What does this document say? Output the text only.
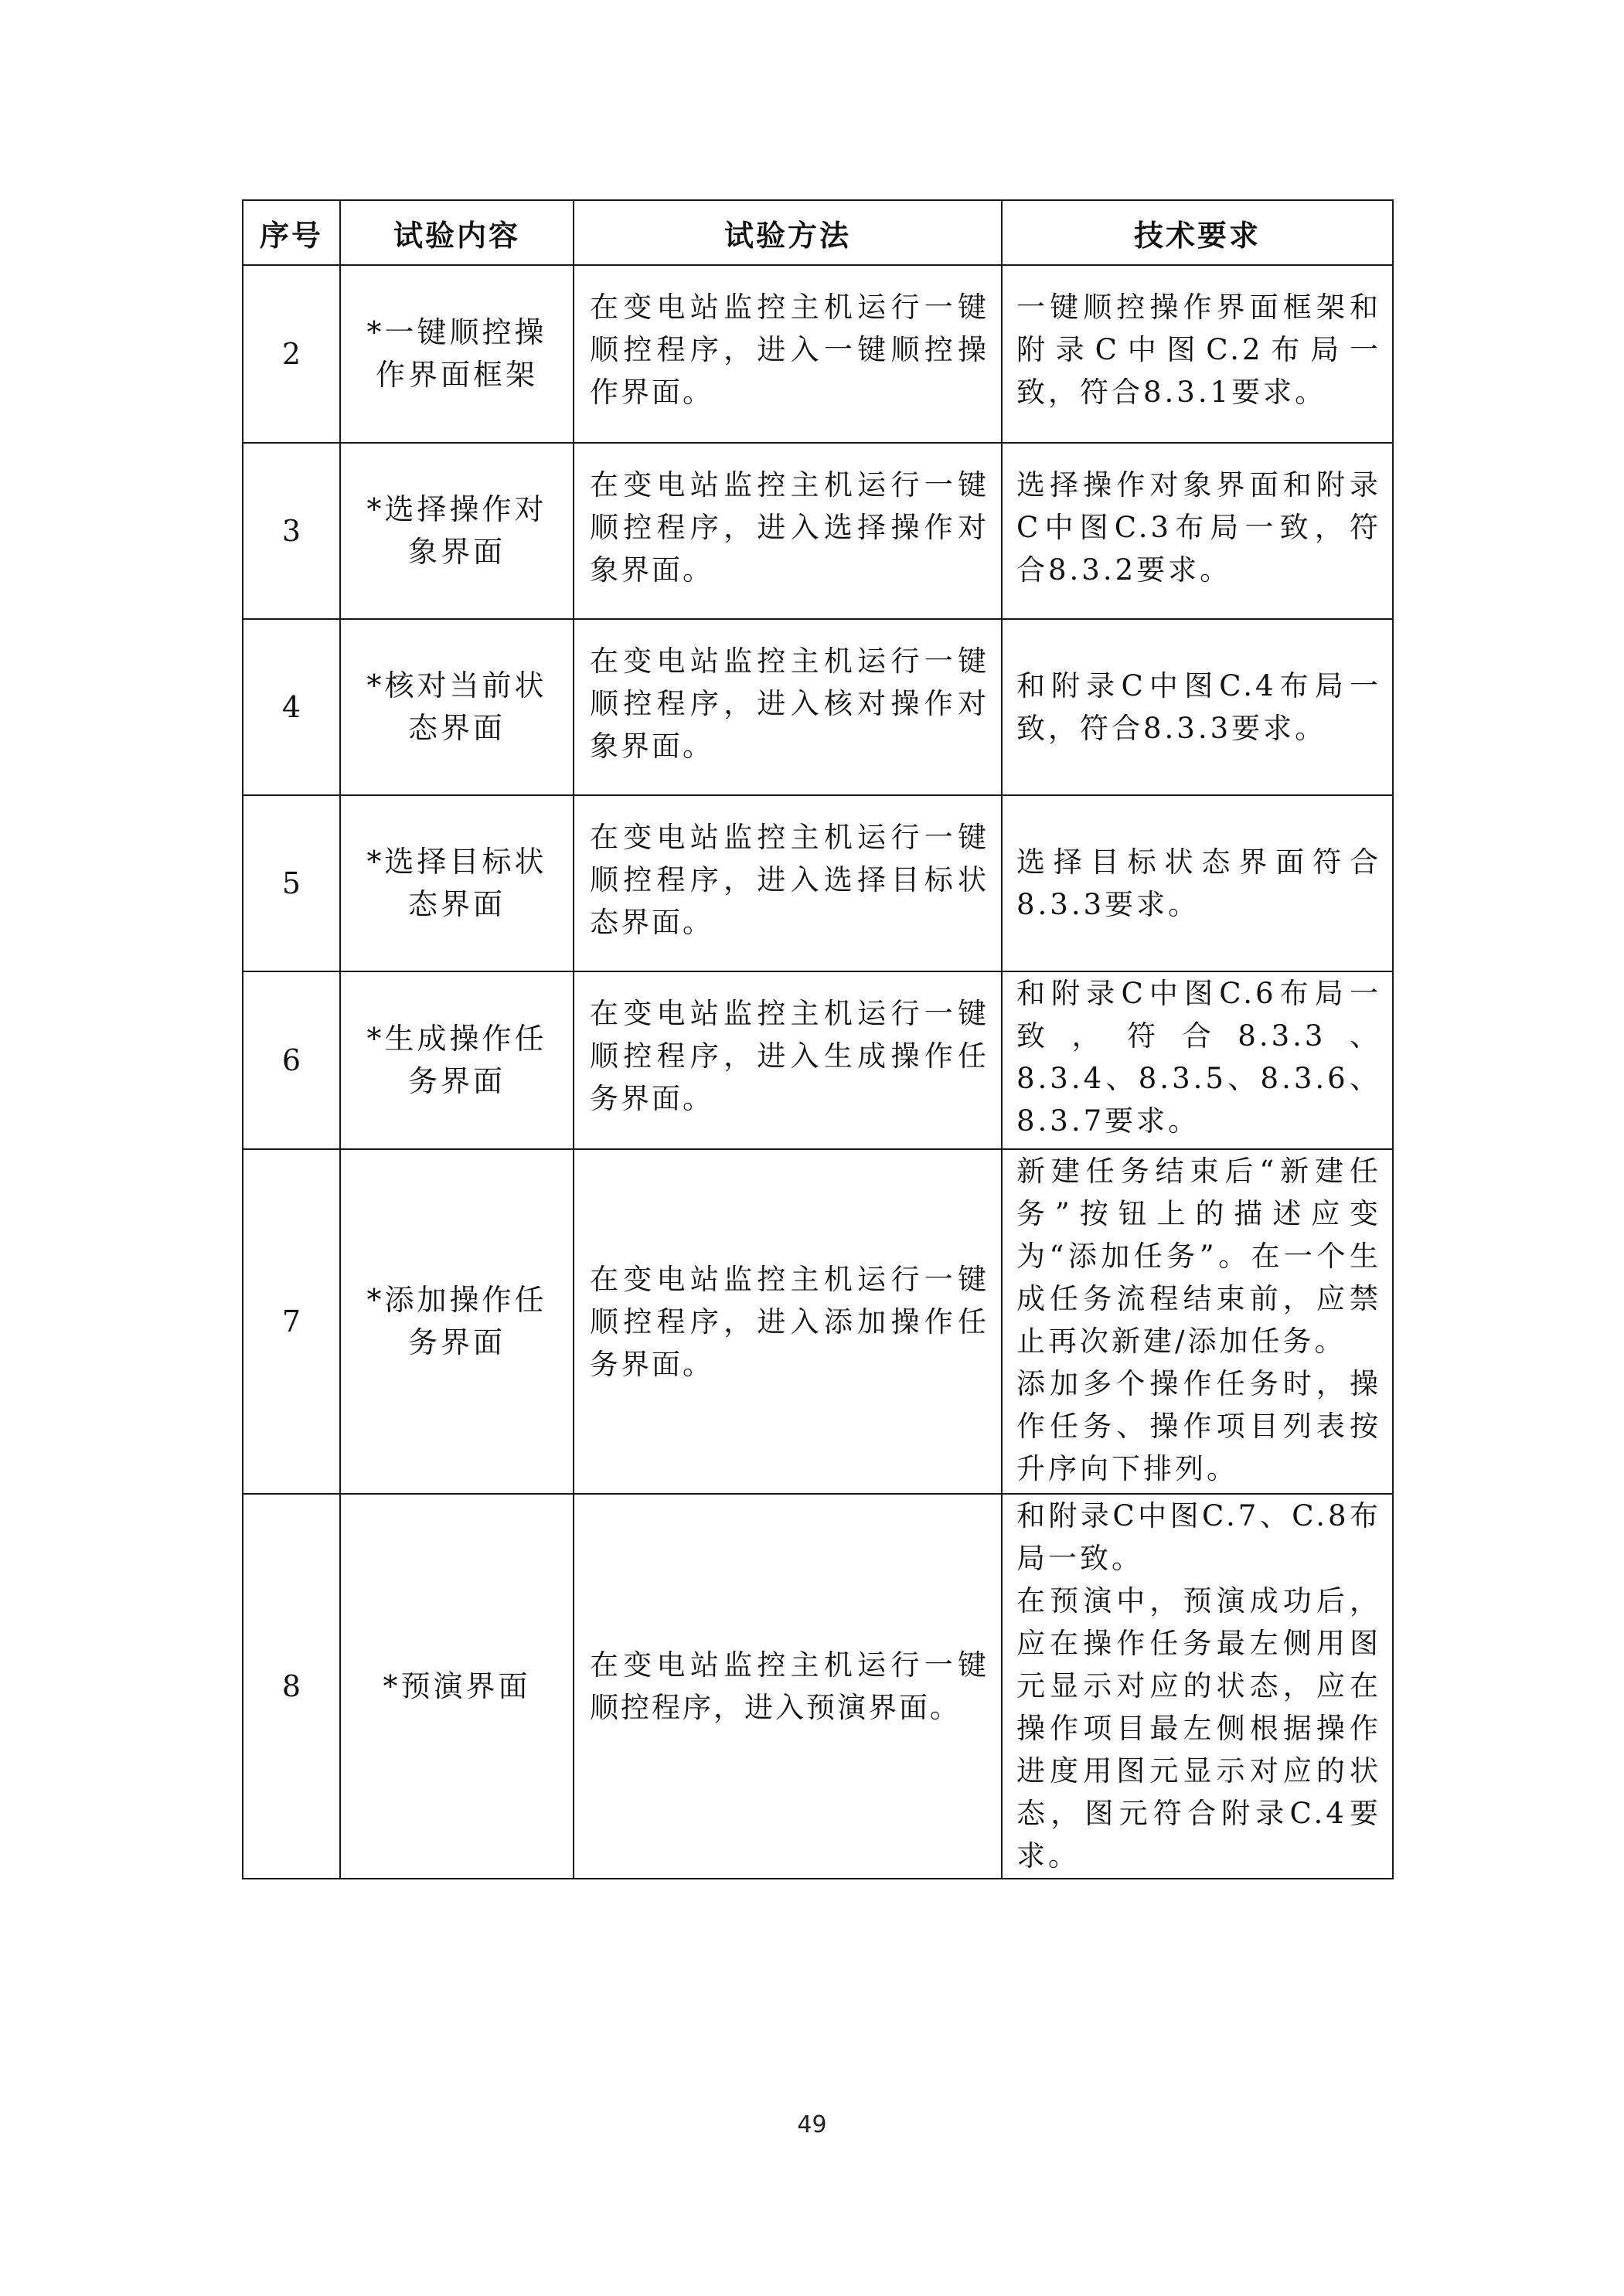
序号	试验内容	试验方法	技术要求
2	*一键顺控操作界面框架	在变电站监控主机运行一键顺控程序，进入一键顺控操作界面。	一键顺控操作界面框架和附录C中图C.2布局一致，符合8.3.1要求。

3	*选择操作对象界面	在变电站监控主机运行一键顺控程序，进入选择操作对象界面。	选择操作对象界面和附录C中图C.3布局一致，符合8.3.2要求。

4	*核对当前状态界面	在变电站监控主机运行一键顺控程序，进入核对操作对象界面。	和附录C中图C.4布局一致，符合8.3.3要求。

5	*选择目标状态界面	在变电站监控主机运行一键顺控程序，进入选择目标状态界面。	选择目标状态界面符合8.3.3要求。

6	*生成操作任务界面	在变电站监控主机运行一键顺控程序，进入生成操作任务界面。	和附录C中图C.6布局一致，符合8.3.3、8.3.4、8.3.5、8.3.6、8.3.7要求。

7	*添加操作任务界面	在变电站监控主机运行一键顺控程序，进入添加操作任务界面。	新建任务结束后“新建任务”按钮上的描述应变为“添加任务”。在一个生成任务流程结束前，应禁止再次新建/添加任务。
添加多个操作任务时，操作任务、操作项目列表按升序向下排列。

8	*预演界面	在变电站监控主机运行一键顺控程序，进入预演界面。	和附录C中图C.7、C.8布局一致。
在预演中，预演成功后，应在操作任务最左侧用图元显示对应的状态，应在操作项目最左侧根据操作进度用图元显示对应的状态，图元符合附录C.4要求。
49
